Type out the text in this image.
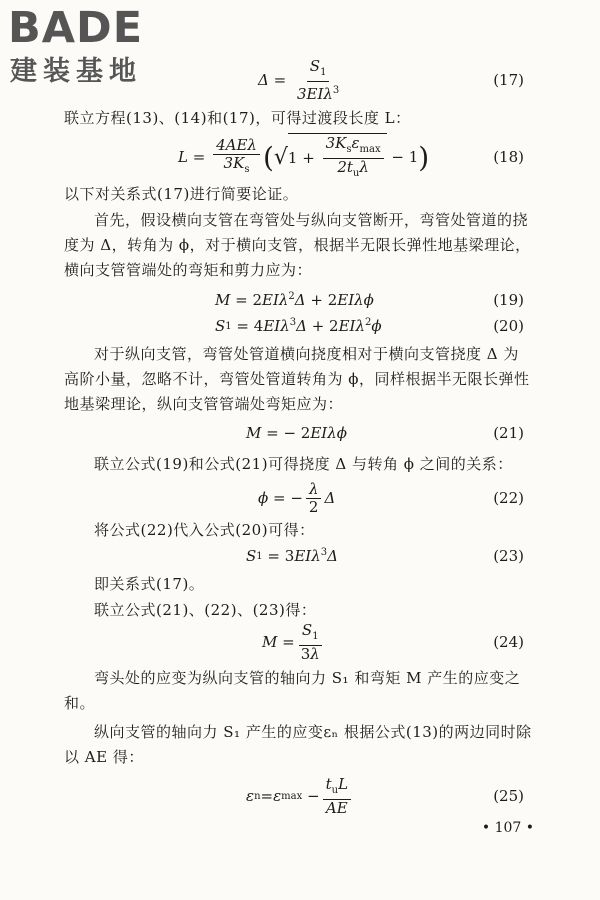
BADE
建装基地	$\Delta = \frac{S_1}{3EI\lambda^3}$	(17)
联立方程(13)、(14)和(17)，可得过渡段长度 L：
$L = \frac{\text{4AEλ}}{3K_s}$ ( √ $1 + \frac{3K_s\varepsilon_{max}}{2t_u\lambda} - 1$ )	(18)
以下对关系式(17)进行简要论证。
首先，假设横向支管在弯管处与纵向支管断开，弯管处管道的挠度为 Δ，转角为 ϕ，对于横向支管，根据半无限长弹性地基梁理论，横向支管管端处的弯矩和剪力应为：
M = 2 EI $\lambda^2$ Δ + 2 EIλϕ	(19)
S 1 = 4 EI $\lambda^3$ Δ + 2 EI $\lambda^2$ ϕ	(20)
对于纵向支管，弯管处管道横向挠度相对于横向支管挠度 Δ 为高阶小量，忽略不计，弯管处管道转角为 ϕ，同样根据半无限长弹性地基梁理论，纵向支管管端处弯矩应为：
M = − 2 EIλϕ	(21)
联立公式(19)和公式(21)可得挠度 Δ 与转角 ϕ 之间的关系：
ϕ = − $\frac{\lambda}{2}$ Δ	(22)
将公式(22)代入公式(20)可得：
S 1 = 3 EI $\lambda^3$ Δ	(23)
即关系式(17)。
联立公式(21)、(22)、(23)得：
$M = \frac{S_1}{3\lambda}$	(24)
弯头处的应变为纵向支管的轴向力 S₁ 和弯矩 M 产生的应变之和。
纵向支管的轴向力 S₁ 产生的应变εₙ 根据公式(13)的两边同时除以 AE 得：
ε n = ε $\max - \frac{t_uL}{AE}$	(25)
• 107 •
